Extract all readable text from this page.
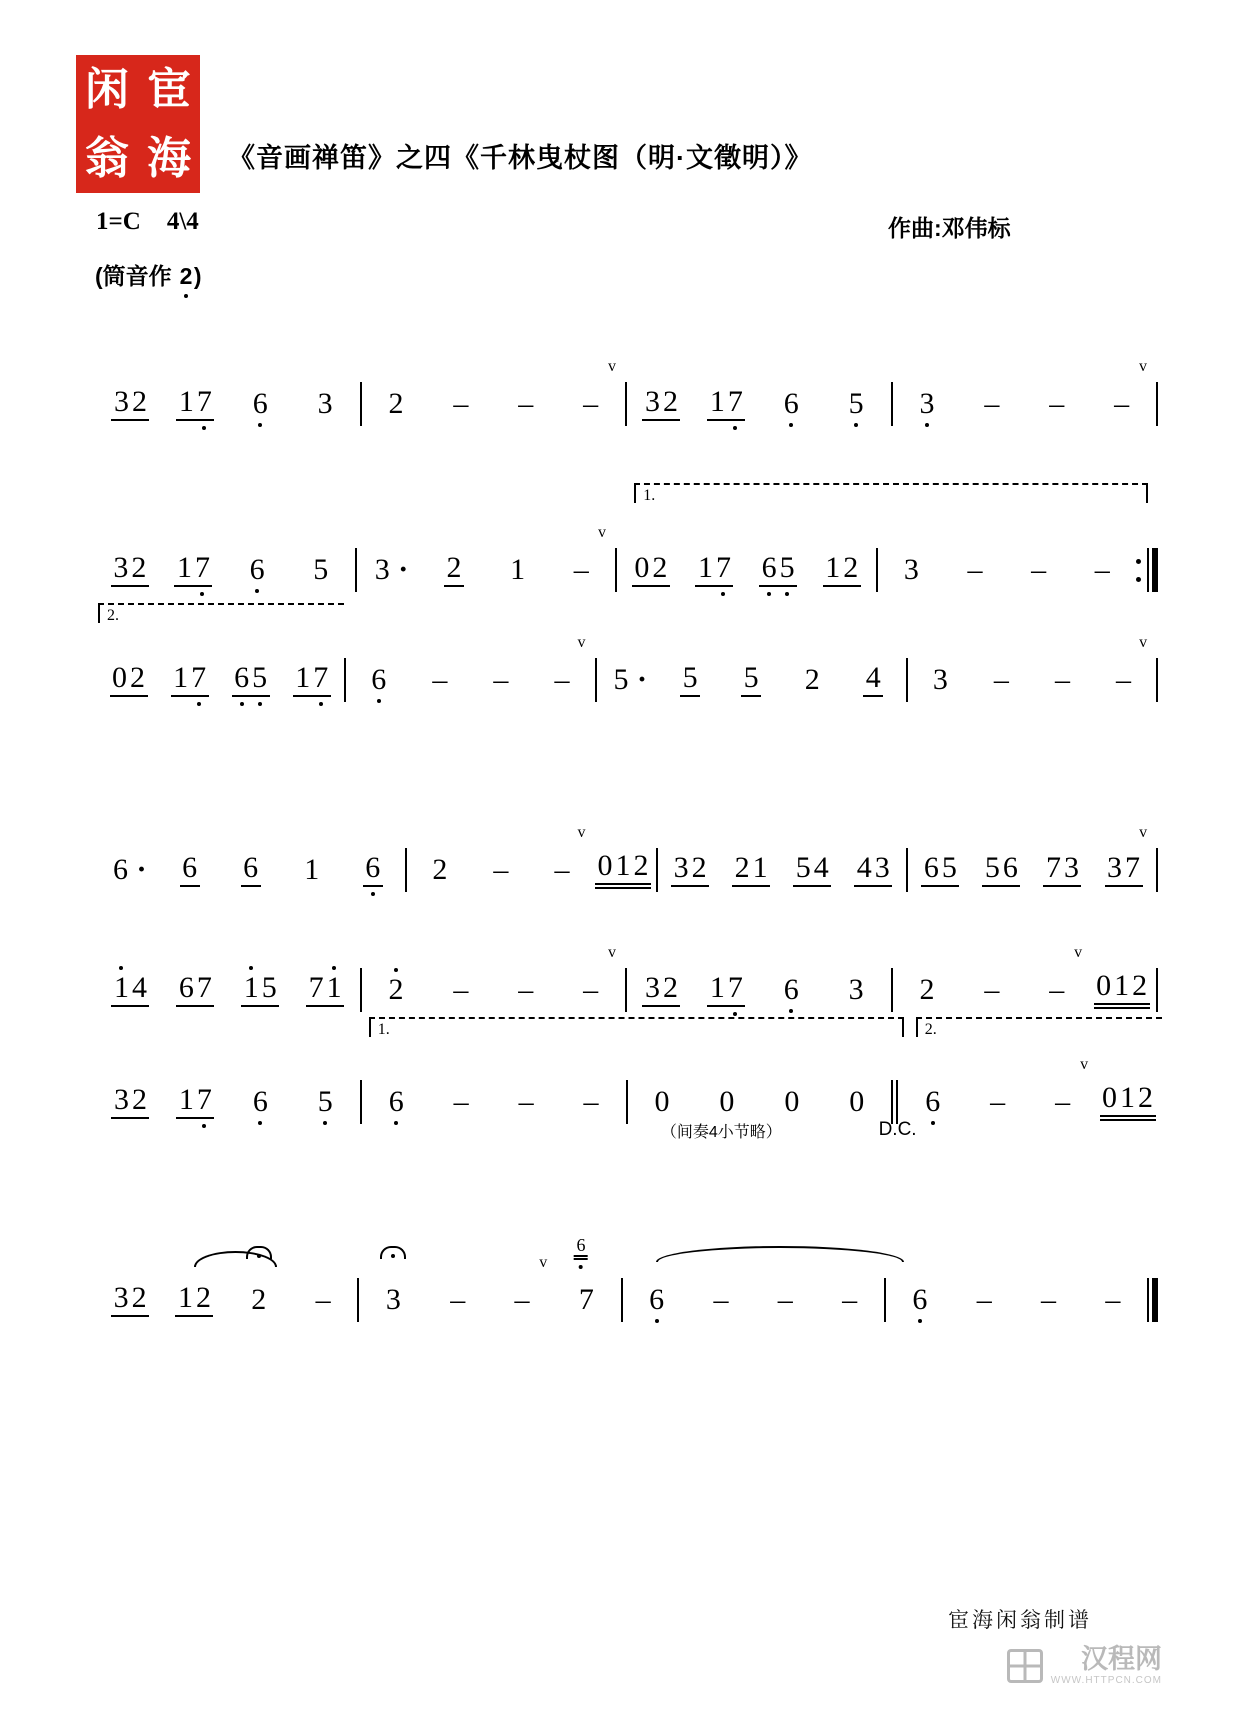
闲 宦
翁 海 《音画禅笛》之四《千林曳杖图（明·文徵明）》
1=C 4\4	作曲:邓伟标
(筒音作 2
)
3 2 1 7 6 3 2 – – –
v
3 2 1 7 6 5 3 – – –
v
1.
3 2 1 7 6 5 3 · 2 1 –
v
0 2 1 7 6 5 1 2 3 – – –
2.
0 2 1 7 6 5 1 7 6 – – –
v
5 · 5 5 2 4 3 – – –
v
6 · 6 6 1 6 2 – –
v
0 1 2 3 2 2 1 5 4 4 3 6 5 5 6 7 3 3 7
v
1 4 6 7 1 5 7 1 2 – – –
v
3 2 1 7 6 3 2 – –
v
0 1 2
1.	2.
（间奏4小节略）	D.C.
3 2 1 7 6 5 6 – – – 0 0 0 0 6 – –
v
0 1 2
3 2 1 2 2 – 3 – –
v
6
7 6 – – – 6 – – –
宦海闲翁制谱
汉程网
WWW.HTTPCN.COM
